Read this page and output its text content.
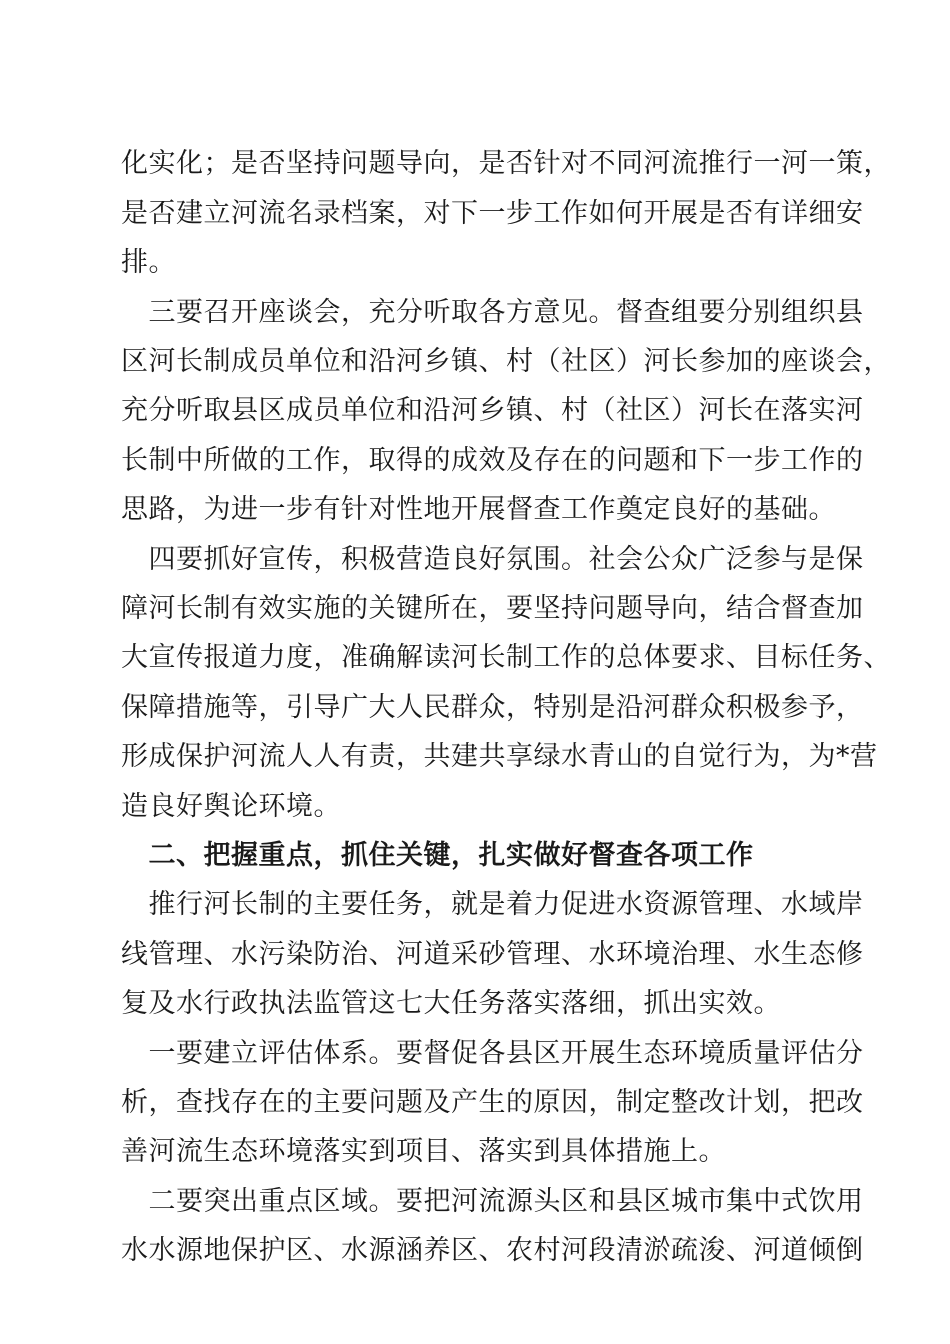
化实化；是否坚持问题导向，是否针对不同河流推行一河一策，
是否建立河流名录档案，对下一步工作如何开展是否有详细安
排。
　三要召开座谈会，充分听取各方意见。督查组要分别组织县
区河长制成员单位和沿河乡镇、村（社区）河长参加的座谈会，
充分听取县区成员单位和沿河乡镇、村（社区）河长在落实河
长制中所做的工作，取得的成效及存在的问题和下一步工作的
思路，为进一步有针对性地开展督查工作奠定良好的基础。
　四要抓好宣传，积极营造良好氛围。社会公众广泛参与是保
障河长制有效实施的关键所在，要坚持问题导向，结合督查加
大宣传报道力度，准确解读河长制工作的总体要求、目标任务、
保障措施等，引导广大人民群众，特别是沿河群众积极参予，
形成保护河流人人有责，共建共享绿水青山的自觉行为，为*营
造良好舆论环境。
　二、把握重点，抓住关键，扎实做好督查各项工作
　推行河长制的主要任务，就是着力促进水资源管理、水域岸
线管理、水污染防治、河道采砂管理、水环境治理、水生态修
复及水行政执法监管这七大任务落实落细，抓出实效。
　一要建立评估体系。要督促各县区开展生态环境质量评估分
析，查找存在的主要问题及产生的原因，制定整改计划，把改
善河流生态环境落实到项目、落实到具体措施上。
　二要突出重点区域。要把河流源头区和县区城市集中式饮用
水水源地保护区、水源涵养区、农村河段清淤疏浚、河道倾倒
